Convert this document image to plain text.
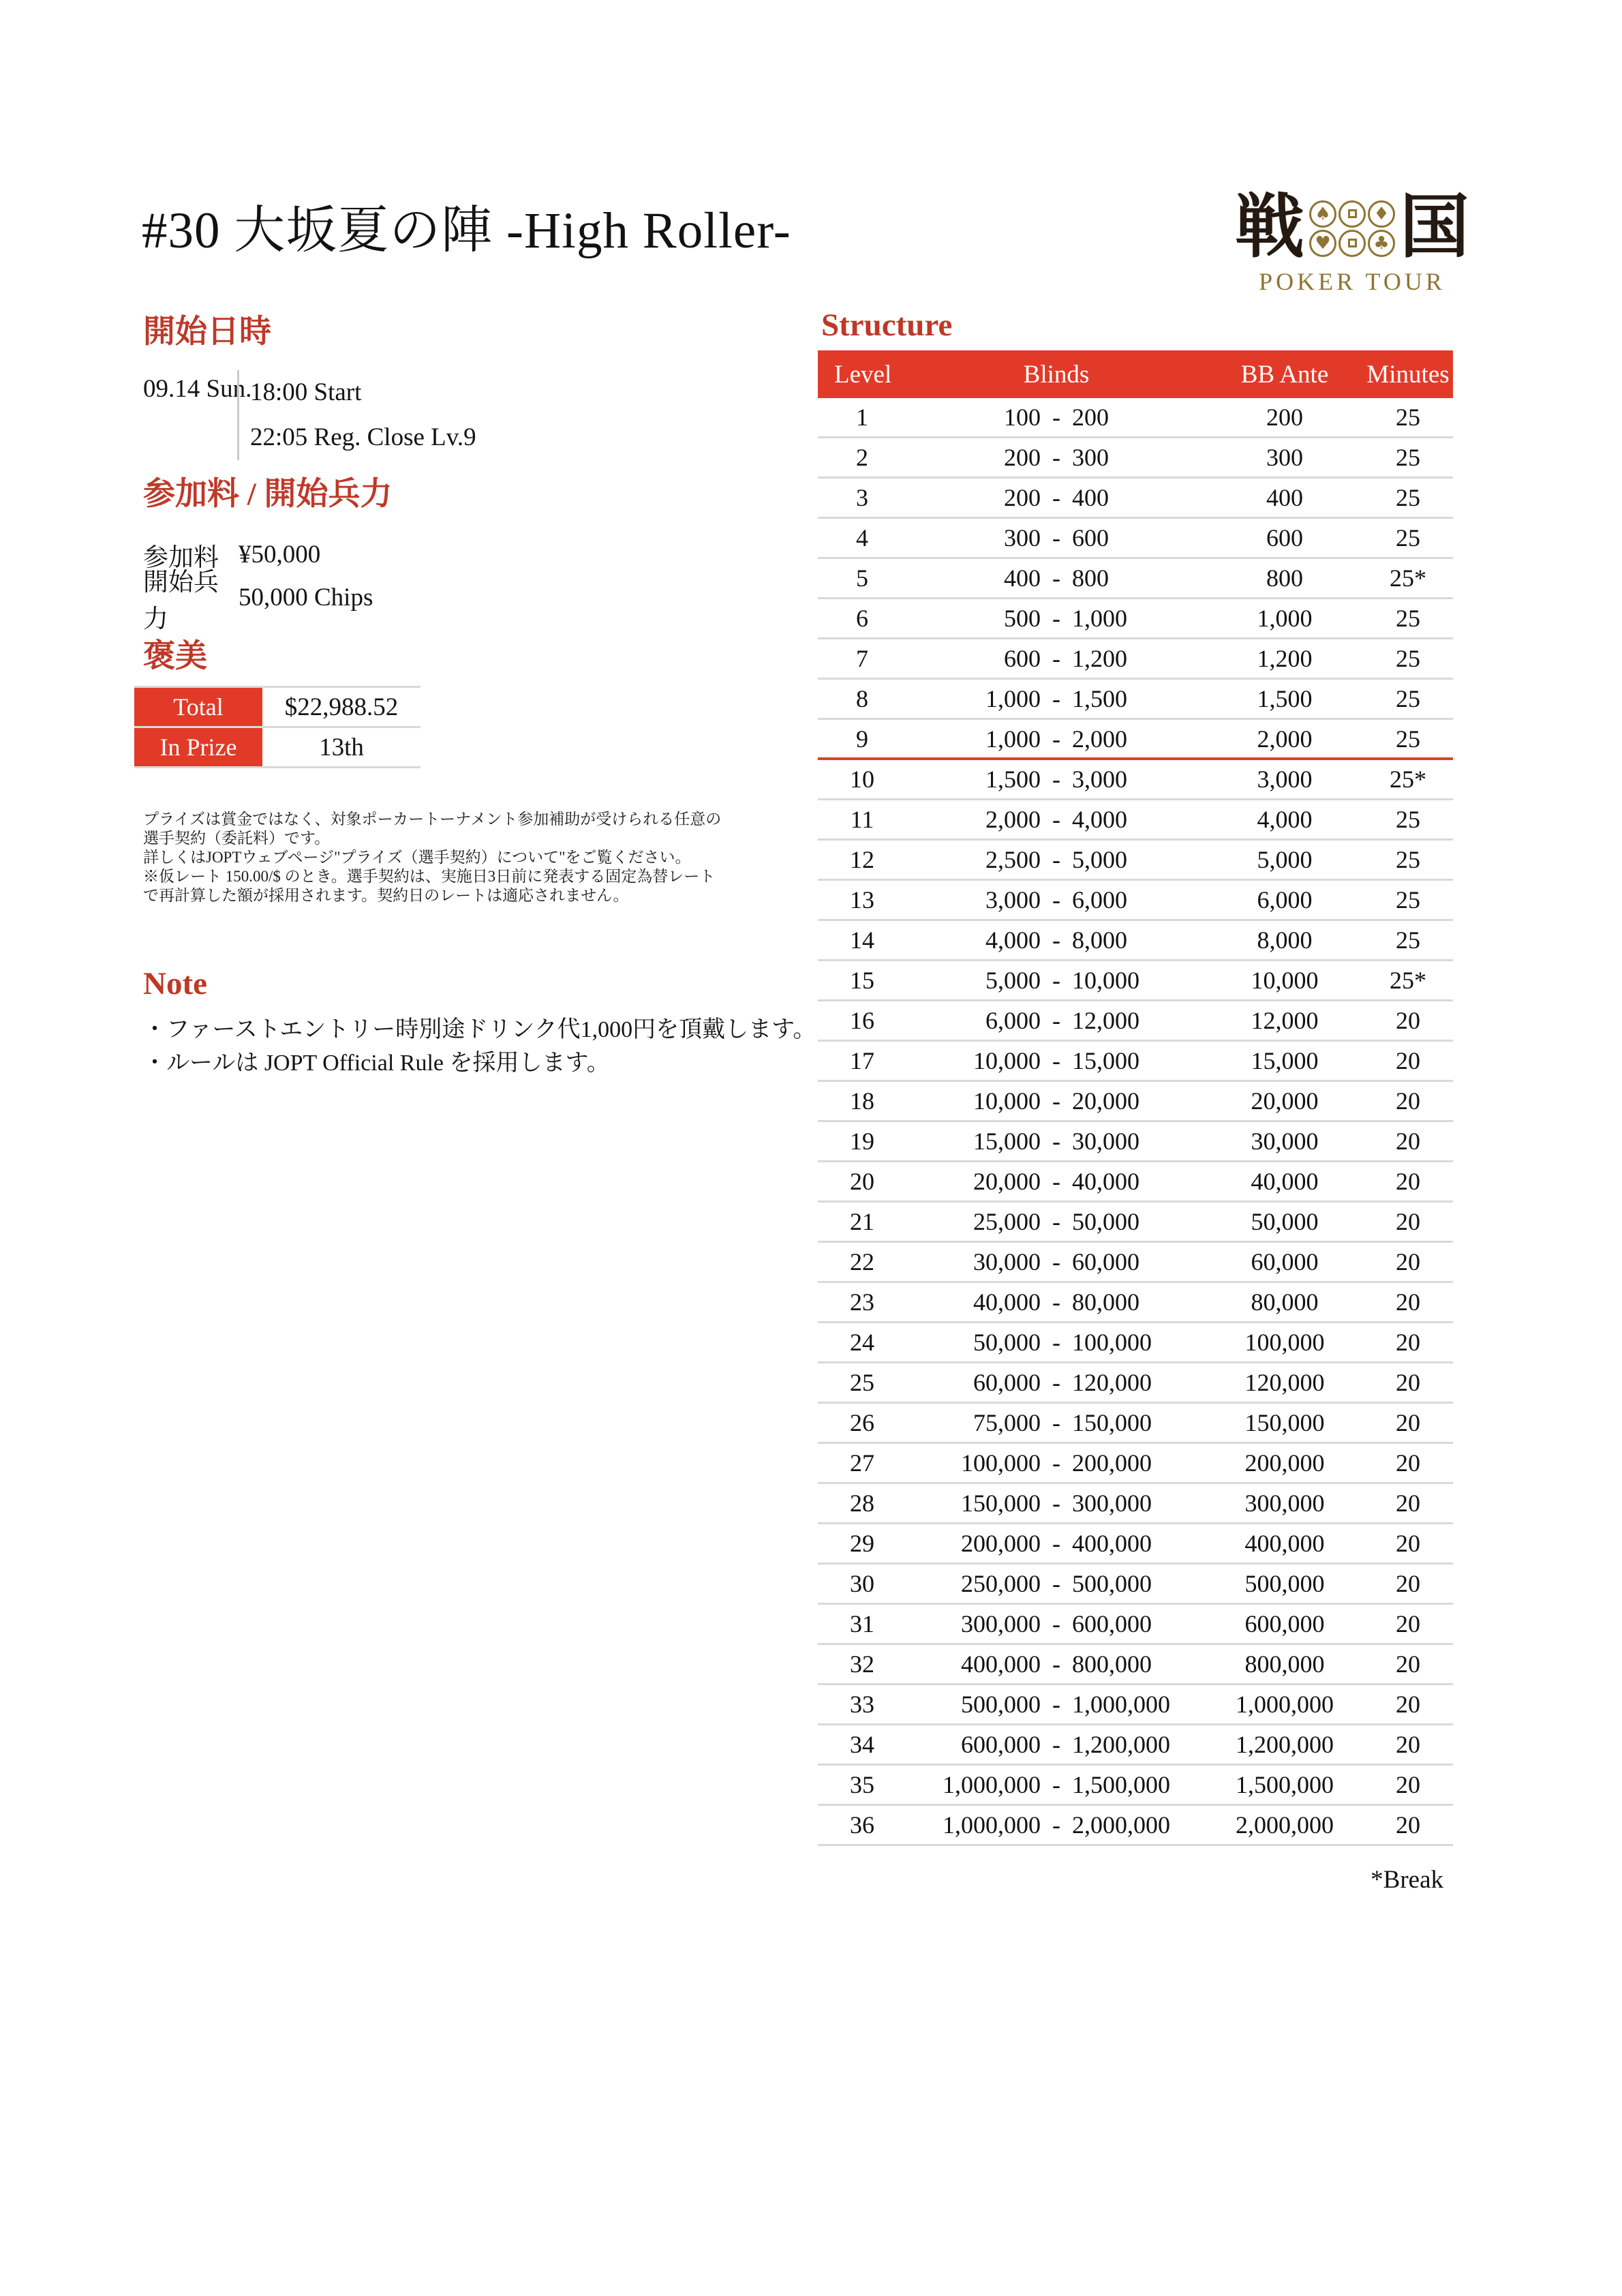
#30 大坂夏の陣 -High Roller-	戦 ♠	♦
♥	♣ 国
POKER TOUR
開始日時
09.14 Sun.
18:00 Start
22:05 Reg. Close Lv.9
参加料 / 開始兵力
参加料 ¥50,000
開始兵力
50,000 Chips
褒美
Total	$22,988.52
In Prize	13th
プライズは賞金ではなく、対象ポーカートーナメント参加補助が受けられる任意の
選手契約（委託料）です。
詳しくはJOPTウェブページ"プライズ（選手契約）について"をご覧ください。
※仮レート 150.00/$ のとき。選手契約は、実施日3日前に発表する固定為替レート
で再計算した額が採用されます。契約日のレートは適応されません。
Note
・ファーストエントリー時別途ドリンク代1,000円を頂戴します。
・ルールは JOPT Official Rule を採用します。
Structure
Level	Blinds	BB Ante	Minutes
1	100 - 200	200	25
2	200 - 300	300	25
3	200 - 400	400	25
4	300 - 600	600	25
5	400 - 800	800	25*
6	500 - 1,000	1,000	25
7	600 - 1,200	1,200	25
8	1,000 - 1,500	1,500	25
9	1,000 - 2,000	2,000	25
10	1,500 - 3,000	3,000	25*
11	2,000 - 4,000	4,000	25
12	2,500 - 5,000	5,000	25
13	3,000 - 6,000	6,000	25
14	4,000 - 8,000	8,000	25
15	5,000 - 10,000	10,000	25*
16	6,000 - 12,000	12,000	20
17	10,000 - 15,000	15,000	20
18	10,000 - 20,000	20,000	20
19	15,000 - 30,000	30,000	20
20	20,000 - 40,000	40,000	20
21	25,000 - 50,000	50,000	20
22	30,000 - 60,000	60,000	20
23	40,000 - 80,000	80,000	20
24	50,000 - 100,000	100,000	20
25	60,000 - 120,000	120,000	20
26	75,000 - 150,000	150,000	20
27	100,000 - 200,000	200,000	20
28	150,000 - 300,000	300,000	20
29	200,000 - 400,000	400,000	20
30	250,000 - 500,000	500,000	20
31	300,000 - 600,000	600,000	20
32	400,000 - 800,000	800,000	20
33	500,000 - 1,000,000	1,000,000	20
34	600,000 - 1,200,000	1,200,000	20
35	1,000,000 - 1,500,000	1,500,000	20
36	1,000,000 - 2,000,000	2,000,000	20
*Break
